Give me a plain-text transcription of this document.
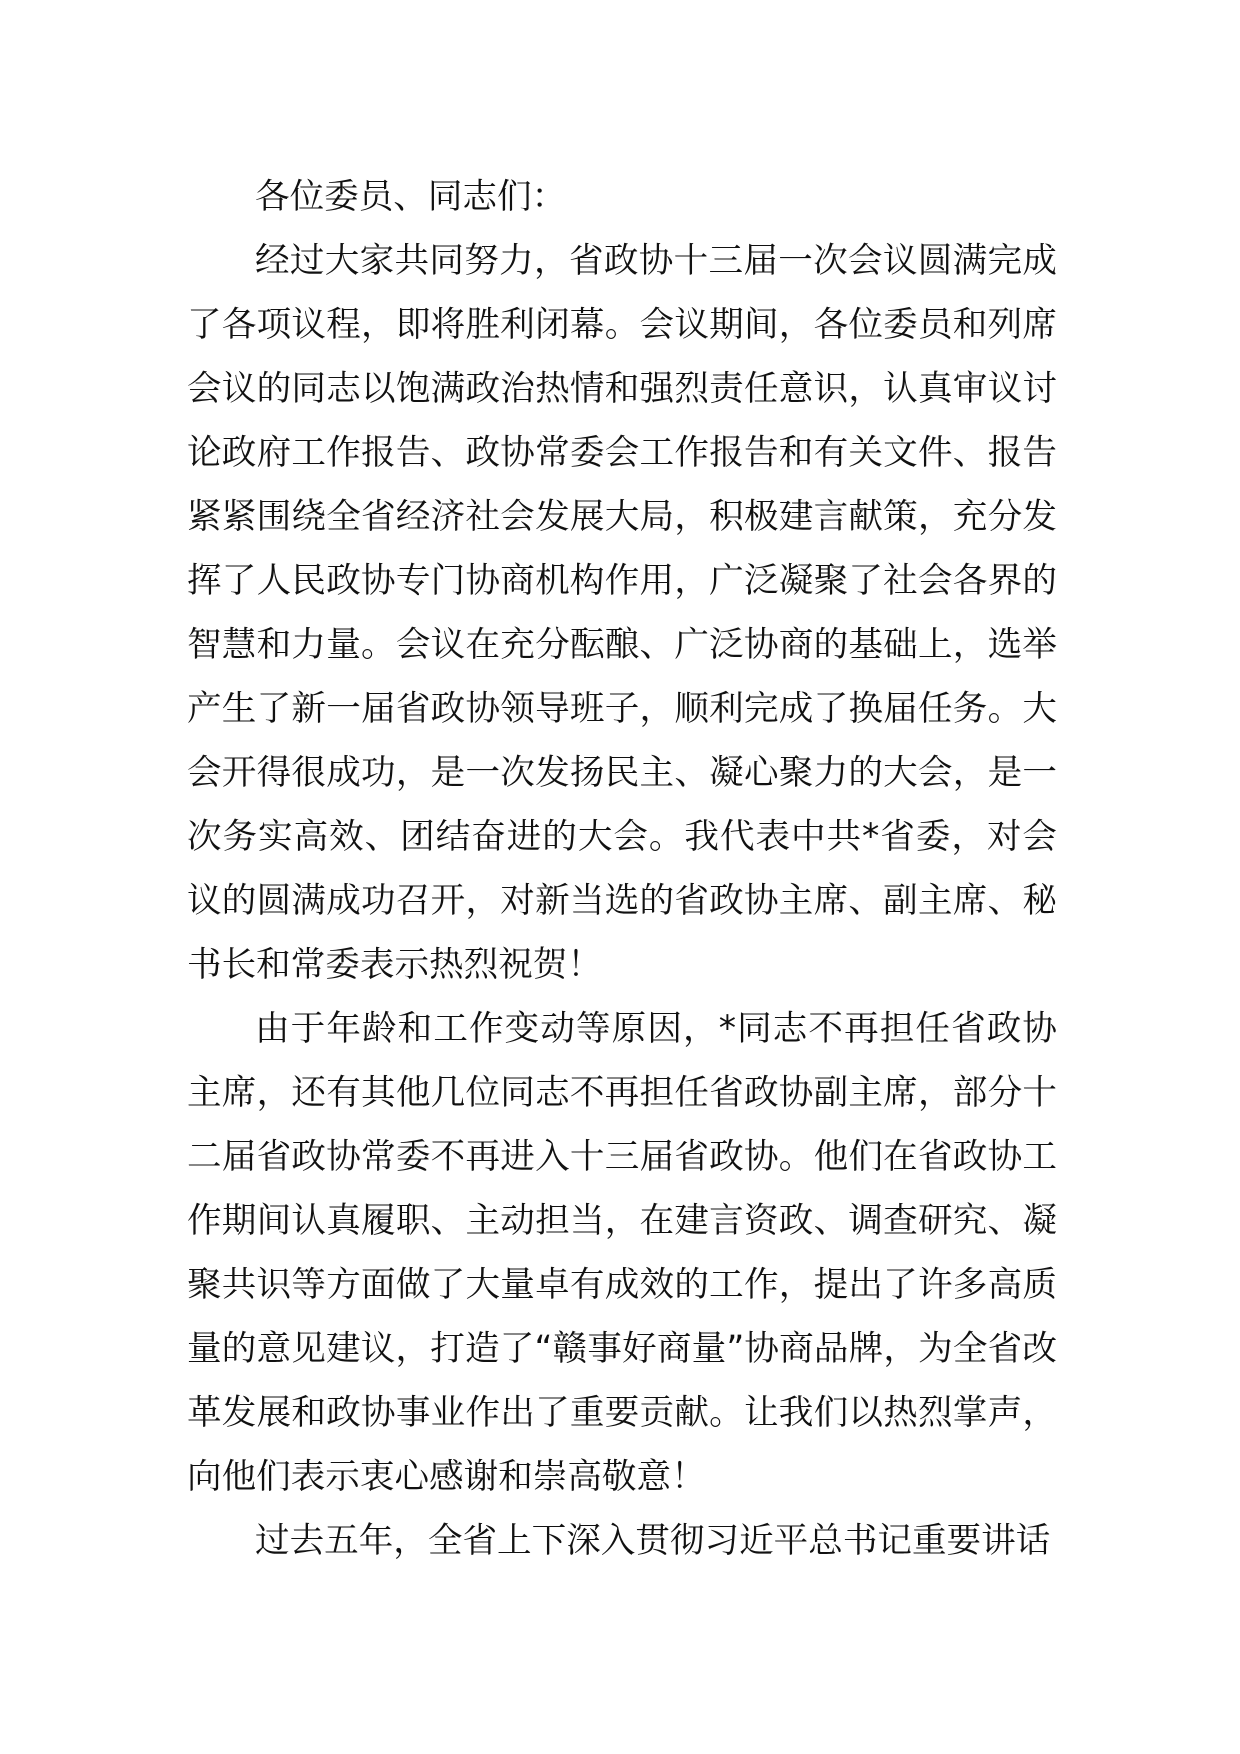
各位委员、同志们：

经过大家共同努力，省政协十三届一次会议圆满完成了各项议程，即将胜利闭幕。会议期间，各位委员和列席会议的同志以饱满政治热情和强烈责任意识，认真审议讨论政府工作报告、政协常委会工作报告和有关文件、报告紧紧围绕全省经济社会发展大局，积极建言献策，充分发挥了人民政协专门协商机构作用，广泛凝聚了社会各界的智慧和力量。会议在充分酝酿、广泛协商的基础上，选举产生了新一届省政协领导班子，顺利完成了换届任务。大会开得很成功，是一次发扬民主、凝心聚力的大会，是一次务实高效、团结奋进的大会。我代表中共*省委，对会议的圆满成功召开，对新当选的省政协主席、副主席、秘书长和常委表示热烈祝贺！

由于年龄和工作变动等原因，*同志不再担任省政协主席，还有其他几位同志不再担任省政协副主席，部分十二届省政协常委不再进入十三届省政协。他们在省政协工作期间认真履职、主动担当，在建言资政、调查研究、凝聚共识等方面做了大量卓有成效的工作，提出了许多高质量的意见建议，打造了“赣事好商量”协商品牌，为全省改革发展和政协事业作出了重要贡献。让我们以热烈掌声，向他们表示衷心感谢和崇高敬意！

过去五年，全省上下深入贯彻习近平总书记重要讲话
